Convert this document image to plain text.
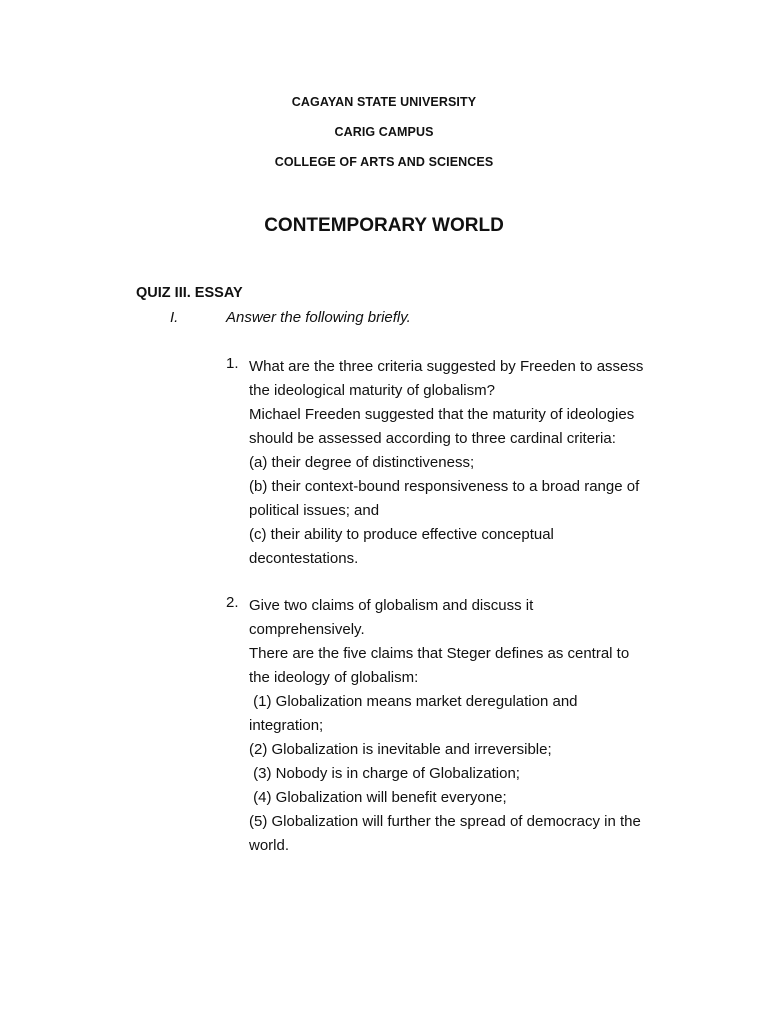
CAGAYAN STATE UNIVERSITY
CARIG CAMPUS
COLLEGE OF ARTS AND SCIENCES
CONTEMPORARY WORLD
QUIZ III. ESSAY
I.	Answer the following briefly.
1. What are the three criteria suggested by Freeden to assess
the ideological maturity of globalism?
Michael Freeden suggested that the maturity of ideologies
should be assessed according to three cardinal criteria:
(a) their degree of distinctiveness;
(b) their context-bound responsiveness to a broad range of
political issues; and
(c) their ability to produce effective conceptual
decontestations.
2. Give two claims of globalism and discuss it
comprehensively.
There are the five claims that Steger defines as central to
the ideology of globalism:
(1) Globalization means market deregulation and
integration;
(2) Globalization is inevitable and irreversible;
(3) Nobody is in charge of Globalization;
(4) Globalization will benefit everyone;
(5) Globalization will further the spread of democracy in the
world.
